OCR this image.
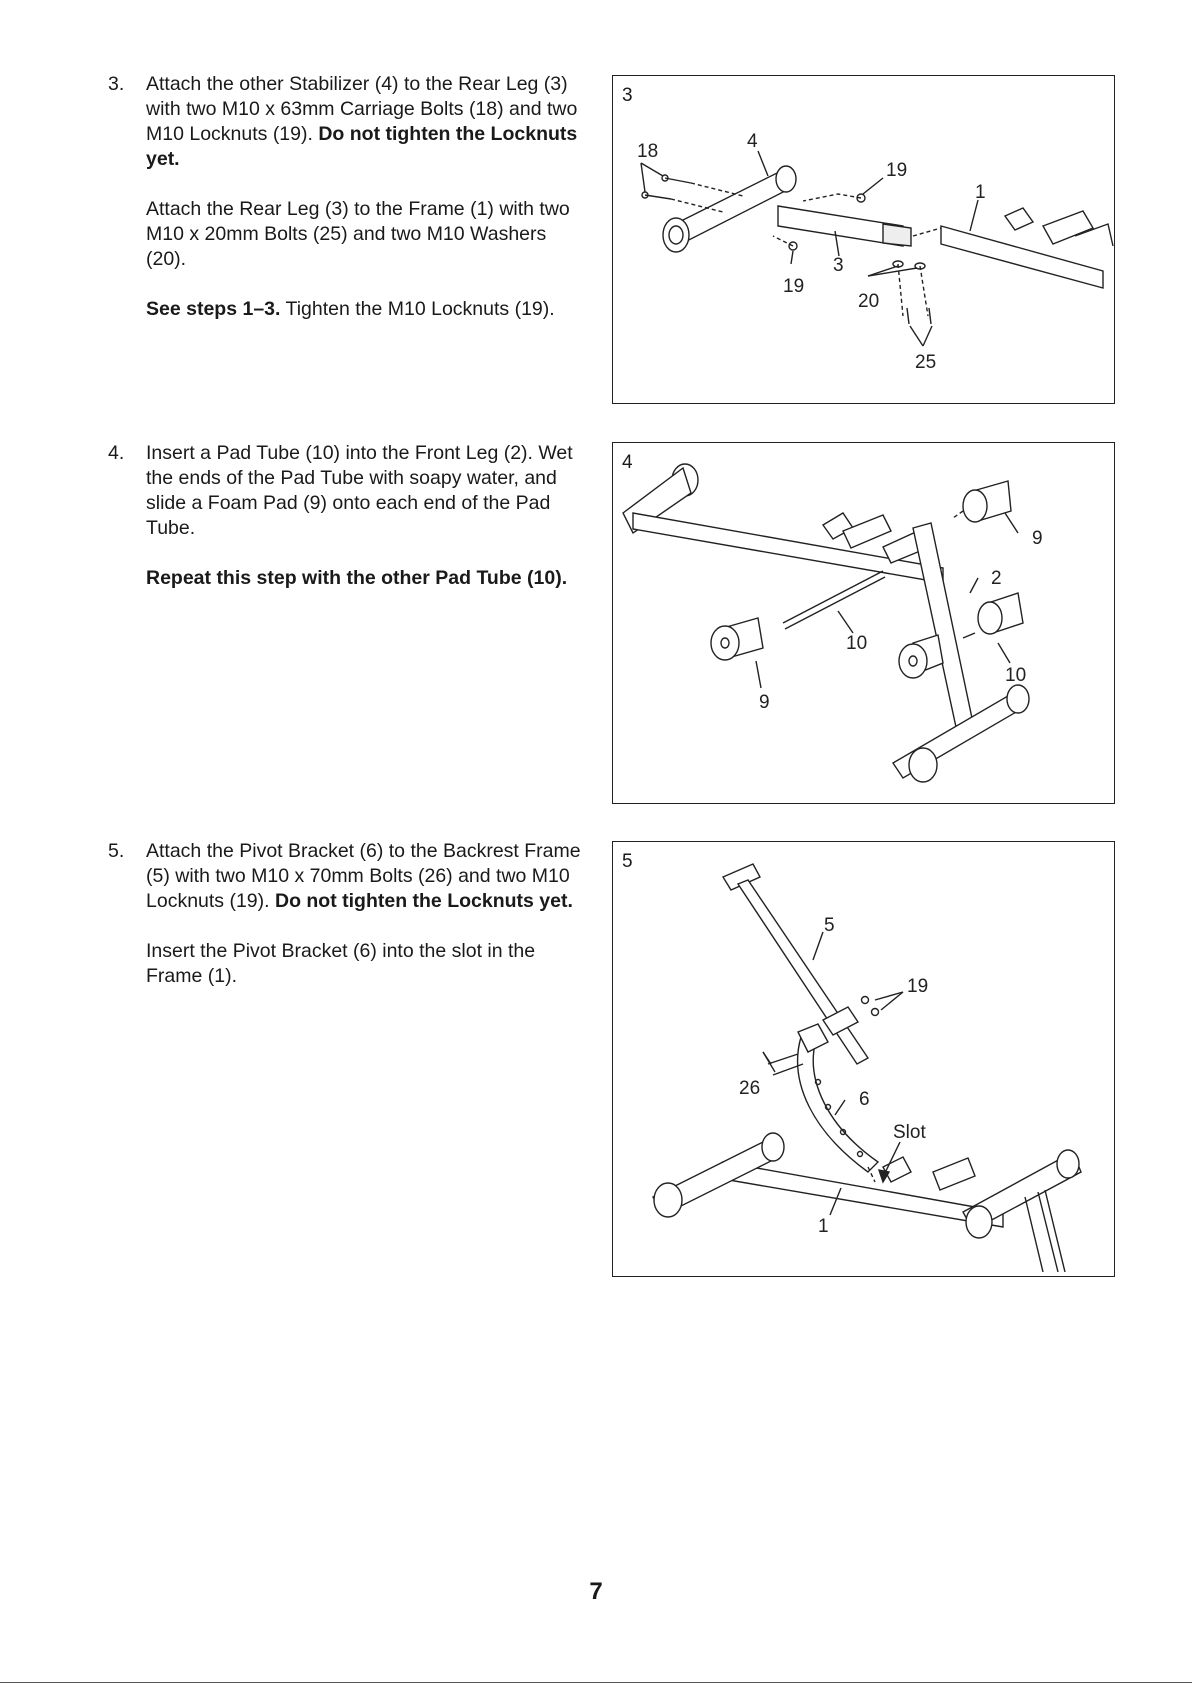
3. Attach the other Stabilizer (4) to the Rear Leg (3) with two M10 x 63mm Carriage Bolts (18) and two M10 Locknuts (19). Do not tighten the Locknuts yet.

Attach the Rear Leg (3) to the Frame (1) with two M10 x 20mm Bolts (25) and two M10 Washers (20).

See steps 1–3. Tighten the M10 Locknuts (19).

4. Insert a Pad Tube (10) into the Front Leg (2). Wet the ends of the Pad Tube with soapy water, and slide a Foam Pad (9) onto each end of the Pad Tube.

Repeat this step with the other Pad Tube (10).

5. Attach the Pivot Bracket (6) to the Backrest Frame (5) with two M10 x 70mm Bolts (26) and two M10 Locknuts (19). Do not tighten the Locknuts yet.

Insert the Pivot Bracket (6) into the slot in the Frame (1).

3
18	4
19
1
3
19
20
25
4
9
2
10
10
9
5
5
19
26
6
Slot
1
7
